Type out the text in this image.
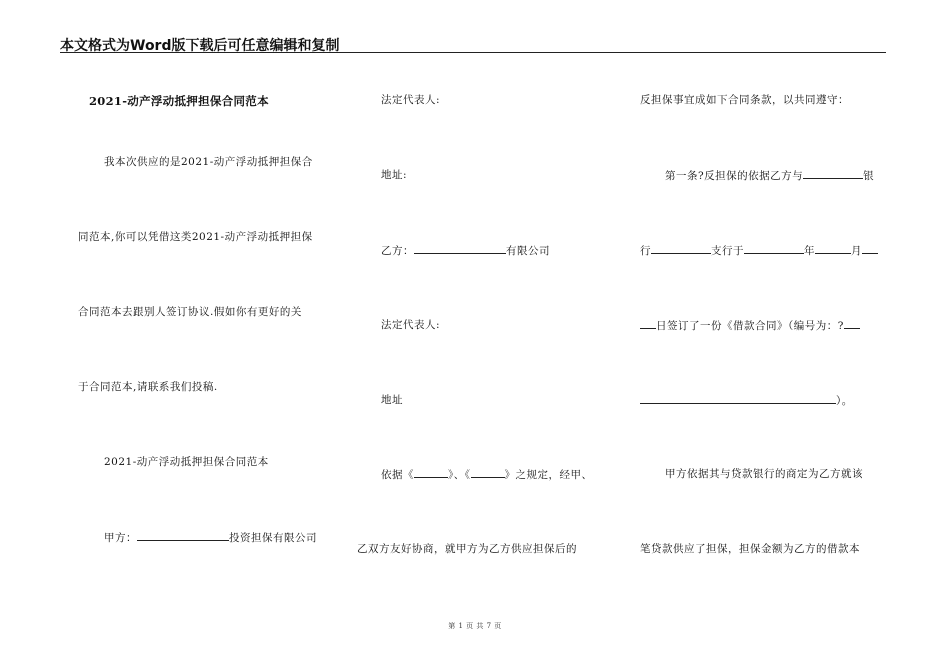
本文格式为Word版下载后可任意编辑和复制
2021-动产浮动抵押担保合同范本
我本次供应的是2021-动产浮动抵押担保合
同范本,你可以凭借这类2021-动产浮动抵押担保
合同范本去跟别人签订协议.假如你有更好的关
于合同范本,请联系我们投稿.
2021-动产浮动抵押担保合同范本
甲方：	投资担保有限公司
法定代表人:
地址:
乙方：	有限公司
法定代表人:
地址
依据《	》、《	》之规定，经甲、
乙双方友好协商，就甲方为乙方供应担保后的
反担保事宜成如下合同条款，以共同遵守：
第一条?反担保的依据乙方与	银
行	支行于	年	月
日签订了一份《借款合同》（编号为：?
）。
甲方依据其与贷款银行的商定为乙方就该
笔贷款供应了担保，担保金额为乙方的借款本
第 1 页 共 7 页
